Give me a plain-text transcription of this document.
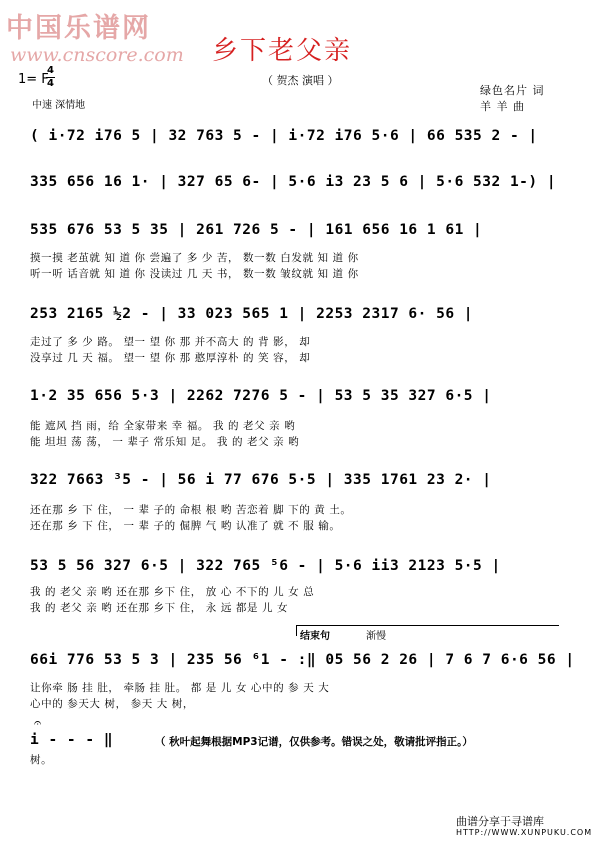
中国乐谱网
www.cnscore.com 乡下老父亲
（ 贺杰 演唱 ）
1= F
4
4
中速 深情地
绿色名片 词
羊 羊 曲
( i·72 i76 5 | 32 763 5 - | i·72 i76 5·6 | 66 535 2 - |
335 656 16 1· | 327 65 6- | 5·6 i3 23 5 6 | 5·6 532 1-) |
535 676 53 5 35 | 261 726 5 - | 161 656 16 1 61 |
摸一摸 老茧就 知 道 你 尝遍了 多 少 苦， 数一数 白发就 知 道 你
听一听 话音就 知 道 你 没读过 几 天 书， 数一数 皱纹就 知 道 你
253 2165 ½2 - | 33 023 565 1 | 2253 2317 6· 56 |
走过了 多 少 路。 望一 望 你 那 并不高大 的 背 影， 却
没享过 几 天 福。 望一 望 你 那 憨厚淳朴 的 笑 容， 却
1·2 35 656 5·3 | 2262 7276 5 - | 53 5 35 327 6·5 |
能 遮风 挡 雨，给 全家带来 幸 福。 我 的 老父 亲 哟
能 坦坦 荡 荡， 一 辈子 常乐知 足。 我 的 老父 亲 哟
322 7663 ³5 - | 56 i 77 676 5·5 | 335 1761 23 2· |
还在那 乡 下 住， 一 辈 子的 命根 根 哟 苦恋着 脚 下的 黄 土。
还在那 乡 下 住， 一 辈 子的 倔脾 气 哟 认准了 就 不 服 输。
53 5 56 327 6·5 | 322 765 ⁵6 - | 5·6 ii3 2123 5·5 |
我 的 老父 亲 哟 还在那 乡下 住， 放 心 不下的 儿 女 总
我 的 老父 亲 哟 还在那 乡下 住， 永 远 都是 儿 女
结束句	渐慢
66i 776 53 5 3 | 235 56 ⁶1 - :‖ 05 56 2 26 | 7 6 7 6·6 56 |
让你牵 肠 挂 肚， 牵肠 挂 肚。 都 是 儿 女 心中的 参 天 大
心中的 参天大 树， 参天 大 树，
𝄐
i - - - ‖
树。
（ 秋叶起舞根据MP3记谱，仅供参考。错误之处，敬请批评指正。）
曲谱分享于寻谱库
HTTP://WWW.XUNPUKU.COM
